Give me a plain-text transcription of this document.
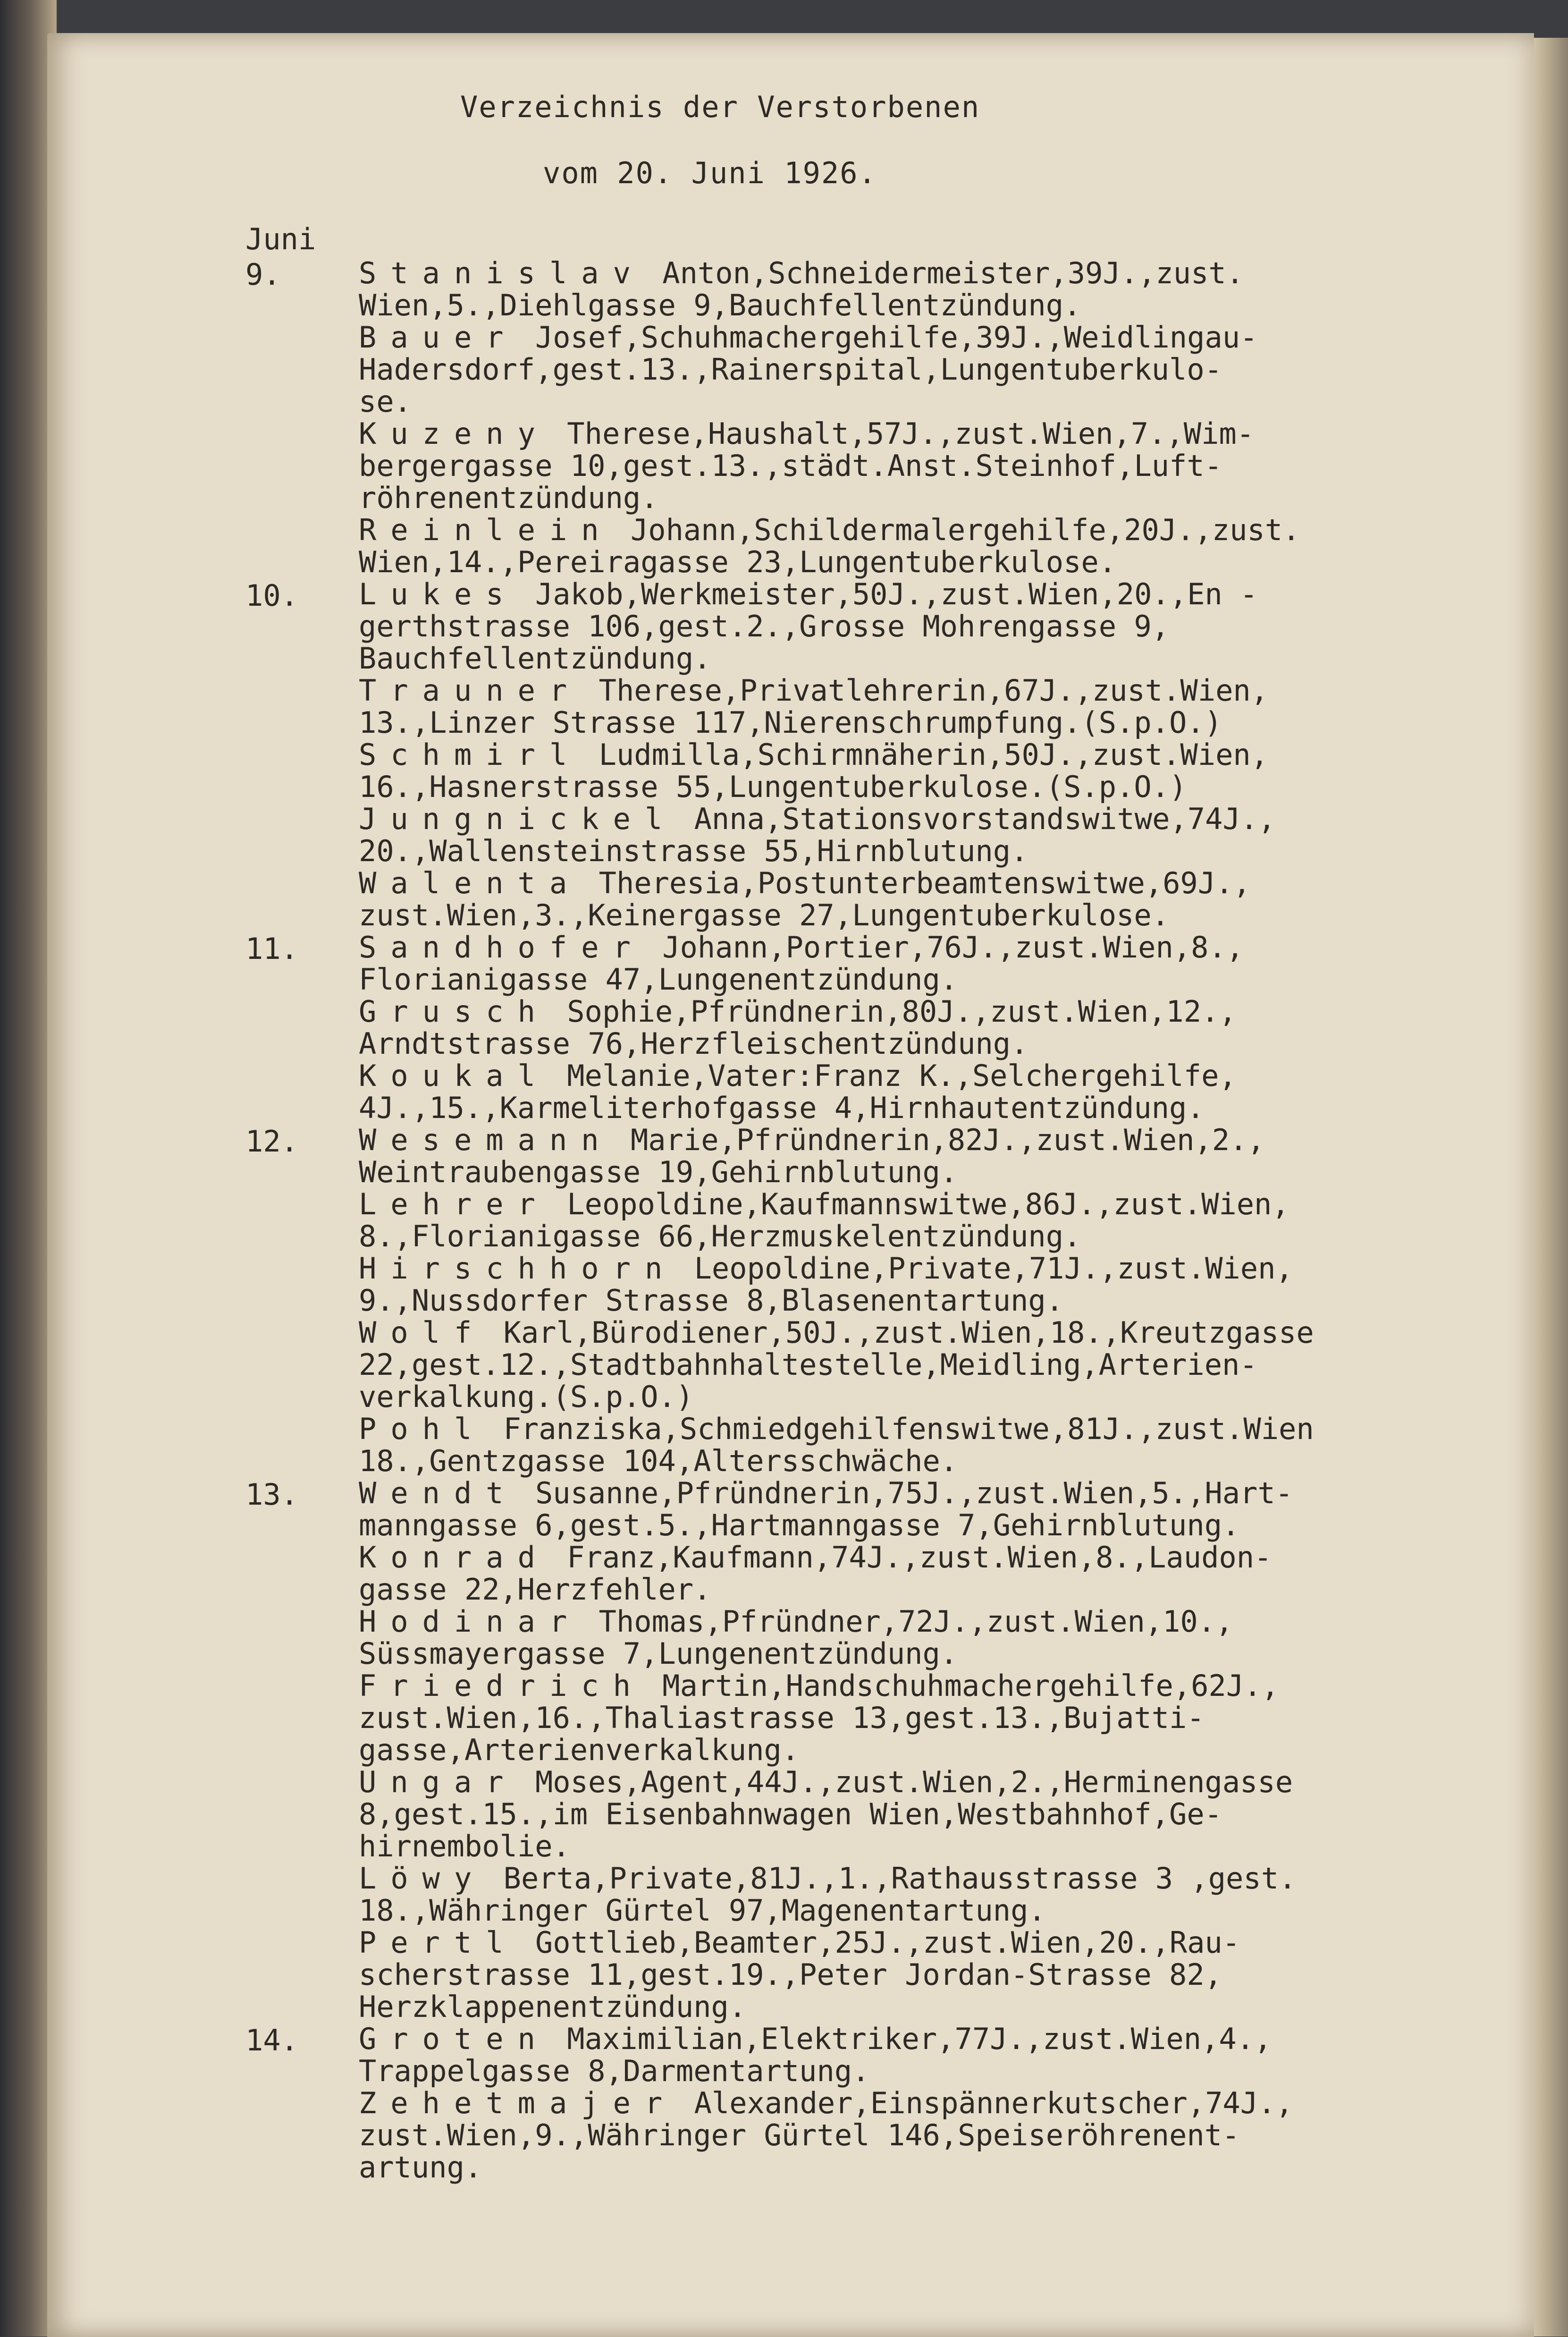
Verzeichnis der Verstorbenen
vom 20. Juni 1926.
Juni
9.	Stanislav Anton,Schneidermeister,39J.,zust.
Wien,5.,Diehlgasse 9,Bauchfellentzündung.
Bauer Josef,Schuhmachergehilfe,39J.,Weidlingau-
Hadersdorf,gest.13.,Rainerspital,Lungentuberkulo-
se.
Kuzeny Therese,Haushalt,57J.,zust.Wien,7.,Wim-
bergergasse 10,gest.13.,städt.Anst.Steinhof,Luft-
röhrenentzündung.
Reinlein Johann,Schildermalergehilfe,20J.,zust.
Wien,14.,Pereiragasse 23,Lungentuberkulose.
10.	Lukes Jakob,Werkmeister,50J.,zust.Wien,20.,En -
gerthstrasse 106,gest.2.,Grosse Mohrengasse 9,
Bauchfellentzündung.
Trauner Therese,Privatlehrerin,67J.,zust.Wien,
13.,Linzer Strasse 117,Nierenschrumpfung.(S.p.O.)
Schmirl Ludmilla,Schirmnäherin,50J.,zust.Wien,
16.,Hasnerstrasse 55,Lungentuberkulose.(S.p.O.)
Jungnickel Anna,Stationsvorstandswitwe,74J.,
20.,Wallensteinstrasse 55,Hirnblutung.
Walenta Theresia,Postunterbeamtenswitwe,69J.,
zust.Wien,3.,Keinergasse 27,Lungentuberkulose.
11.	Sandhofer Johann,Portier,76J.,zust.Wien,8.,
Florianigasse 47,Lungenentzündung.
Grusch Sophie,Pfründnerin,80J.,zust.Wien,12.,
Arndtstrasse 76,Herzfleischentzündung.
Koukal Melanie,Vater:Franz K.,Selchergehilfe,
4J.,15.,Karmeliterhofgasse 4,Hirnhautentzündung.
12.	Wesemann Marie,Pfründnerin,82J.,zust.Wien,2.,
Weintraubengasse 19,Gehirnblutung.
Lehrer Leopoldine,Kaufmannswitwe,86J.,zust.Wien,
8.,Florianigasse 66,Herzmuskelentzündung.
Hirschhorn Leopoldine,Private,71J.,zust.Wien,
9.,Nussdorfer Strasse 8,Blasenentartung.
Wolf Karl,Bürodiener,50J.,zust.Wien,18.,Kreutzgasse
22,gest.12.,Stadtbahnhaltestelle,Meidling,Arterien-
verkalkung.(S.p.O.)
Pohl Franziska,Schmiedgehilfenswitwe,81J.,zust.Wien
18.,Gentzgasse 104,Altersschwäche.
13.	Wendt Susanne,Pfründnerin,75J.,zust.Wien,5.,Hart-
manngasse 6,gest.5.,Hartmanngasse 7,Gehirnblutung.
Konrad Franz,Kaufmann,74J.,zust.Wien,8.,Laudon-
gasse 22,Herzfehler.
Hodinar Thomas,Pfründner,72J.,zust.Wien,10.,
Süssmayergasse 7,Lungenentzündung.
Friedrich Martin,Handschuhmachergehilfe,62J.,
zust.Wien,16.,Thaliastrasse 13,gest.13.,Bujatti-
gasse,Arterienverkalkung.
Ungar Moses,Agent,44J.,zust.Wien,2.,Herminengasse
8,gest.15.,im Eisenbahnwagen Wien,Westbahnhof,Ge-
hirnembolie.
Löwy Berta,Private,81J.,1.,Rathausstrasse 3 ,gest.
18.,Währinger Gürtel 97,Magenentartung.
Pertl Gottlieb,Beamter,25J.,zust.Wien,20.,Rau-
scherstrasse 11,gest.19.,Peter Jordan-Strasse 82,
Herzklappenentzündung.
14.	Groten Maximilian,Elektriker,77J.,zust.Wien,4.,
Trappelgasse 8,Darmentartung.
Zehetmajer Alexander,Einspännerkutscher,74J.,
zust.Wien,9.,Währinger Gürtel 146,Speiseröhrenent-
artung.
